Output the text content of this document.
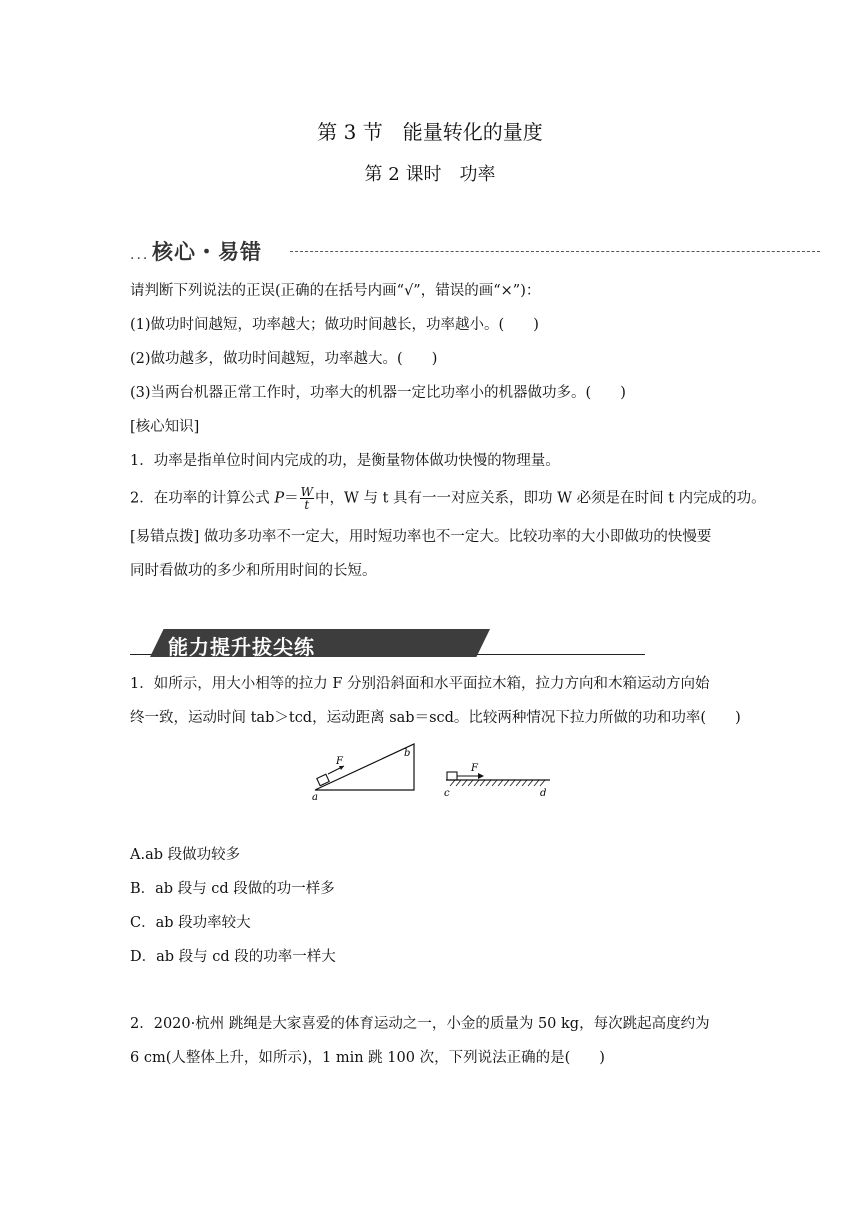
第 3 节　能量转化的量度
第 2 课时　功率
··· 核心・易错
请判断下列说法的正误(正确的在括号内画“√”，错误的画“×”)：
(1)做功时间越短，功率越大；做功时间越长，功率越小。(　　)
(2)做功越多，做功时间越短，功率越大。(　　)
(3)当两台机器正常工作时，功率大的机器一定比功率小的机器做功多。(　　)
[核心知识]
1．功率是指单位时间内完成的功，是衡量物体做功快慢的物理量。
2．在功率的计算公式 $P= \frac{W}{t}$ 中，W 与 t 具有一一对应关系，即功 W 必须是在时间 t 内完成的功。
[易错点拨] 做功多功率不一定大，用时短功率也不一定大。比较功率的大小即做功的快慢要
同时看做功的多少和所用时间的长短。
能力提升拔尖练
1．如所示，用大小相等的拉力 F 分别沿斜面和水平面拉木箱，拉力方向和木箱运动方向始
终一致，运动时间 tab＞tcd，运动距离 sab＝scd。比较两种情况下拉力所做的功和功率(　　)
F
a
b
F
c	d
A.ab 段做功较多
B．ab 段与 cd 段做的功一样多
C．ab 段功率较大
D．ab 段与 cd 段的功率一样大
2．2020·杭州 跳绳是大家喜爱的体育运动之一，小金的质量为 50 kg，每次跳起高度约为
6 cm(人整体上升，如所示)，1 min 跳 100 次，下列说法正确的是(　　)
